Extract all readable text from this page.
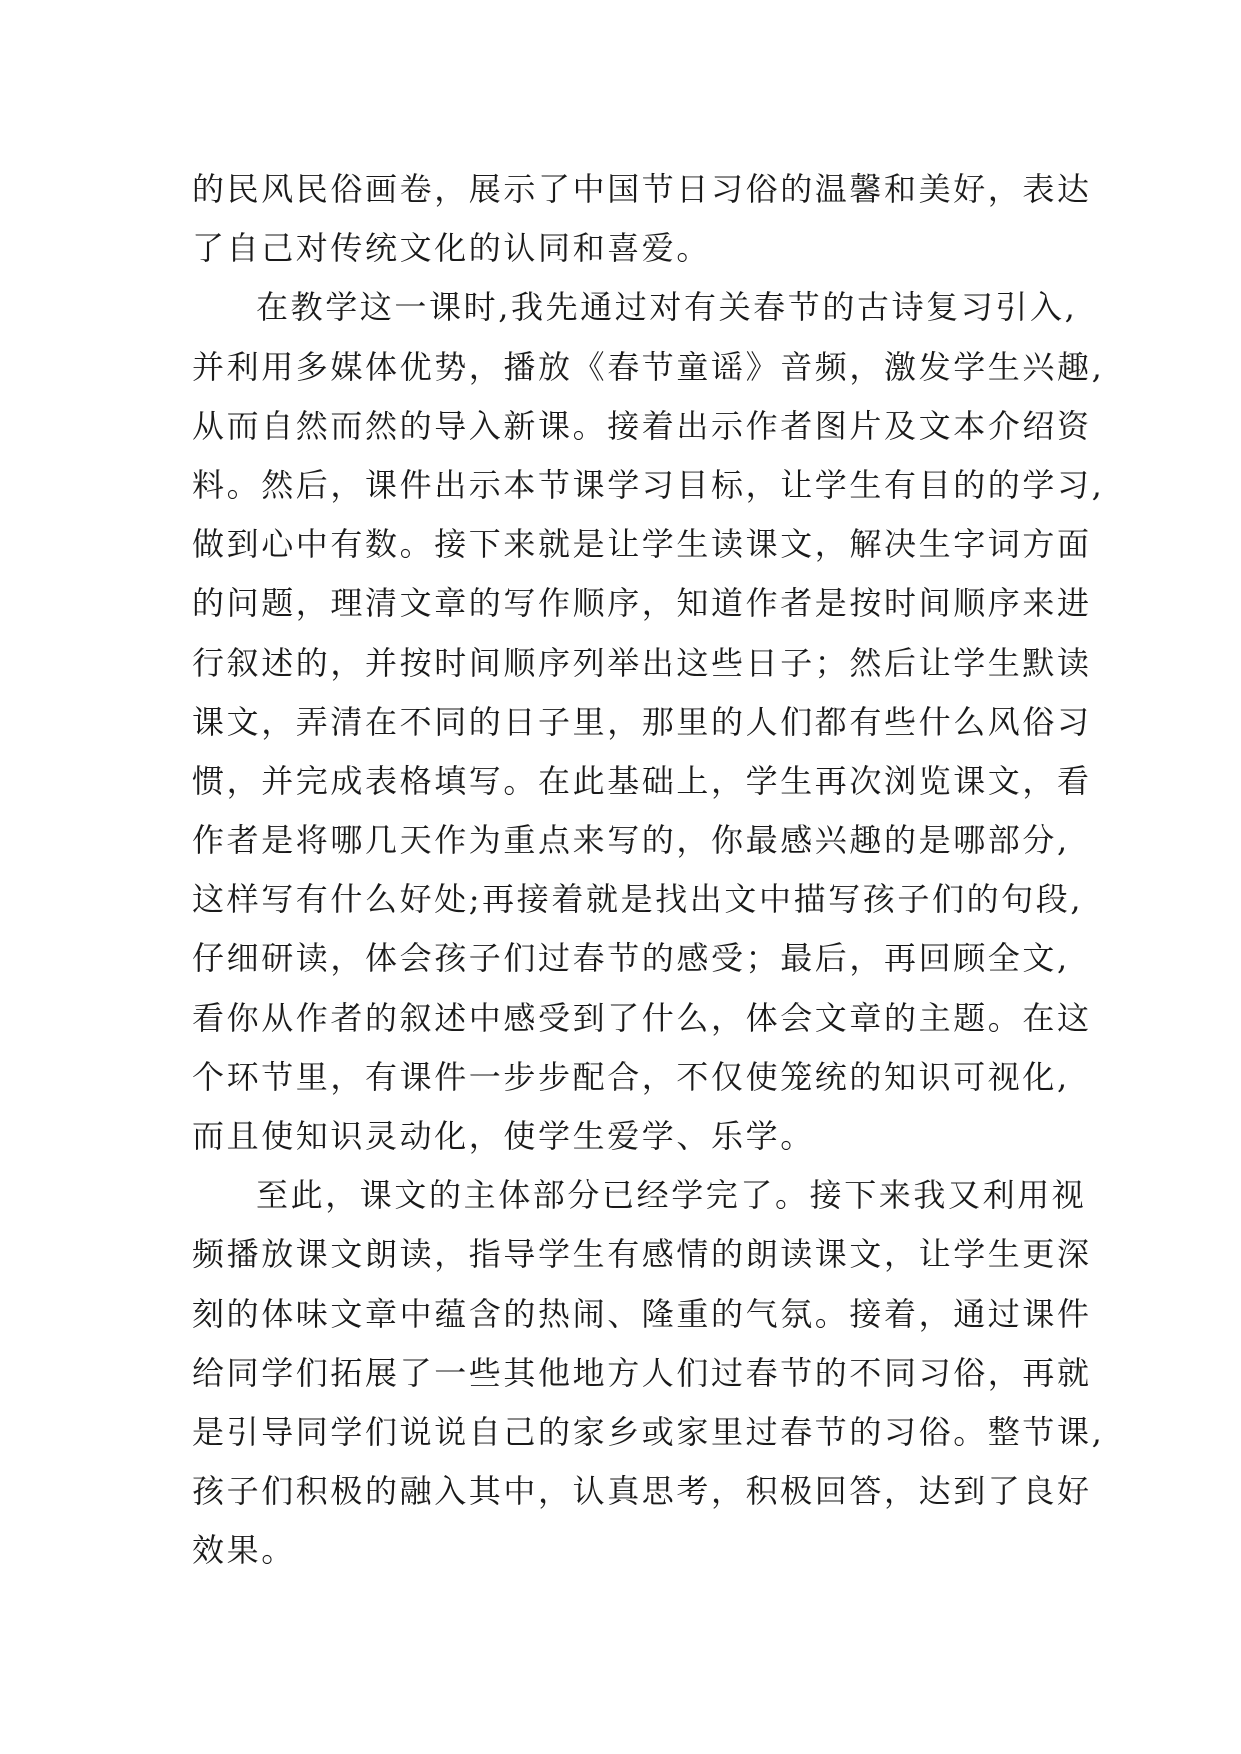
的民风民俗画卷，展示了中国节日习俗的温馨和美好，表达
了自己对传统文化的认同和喜爱。
在教学这一课时,我先通过对有关春节的古诗复习引入,
并利用多媒体优势，播放《春节童谣》音频，激发学生兴趣,
从而自然而然的导入新课。接着出示作者图片及文本介绍资
料。然后，课件出示本节课学习目标，让学生有目的的学习,
做到心中有数。接下来就是让学生读课文，解决生字词方面
的问题，理清文章的写作顺序，知道作者是按时间顺序来进
行叙述的，并按时间顺序列举出这些日子；然后让学生默读
课文，弄清在不同的日子里，那里的人们都有些什么风俗习
惯，并完成表格填写。在此基础上，学生再次浏览课文，看
作者是将哪几天作为重点来写的，你最感兴趣的是哪部分,
这样写有什么好处;再接着就是找出文中描写孩子们的句段,
仔细研读，体会孩子们过春节的感受；最后，再回顾全文,
看你从作者的叙述中感受到了什么，体会文章的主题。在这
个环节里，有课件一步步配合，不仅使笼统的知识可视化,
而且使知识灵动化，使学生爱学、乐学。
至此，课文的主体部分已经学完了。接下来我又利用视
频播放课文朗读，指导学生有感情的朗读课文，让学生更深
刻的体味文章中蕴含的热闹、隆重的气氛。接着，通过课件
给同学们拓展了一些其他地方人们过春节的不同习俗，再就
是引导同学们说说自己的家乡或家里过春节的习俗。整节课,
孩子们积极的融入其中，认真思考，积极回答，达到了良好
效果。
